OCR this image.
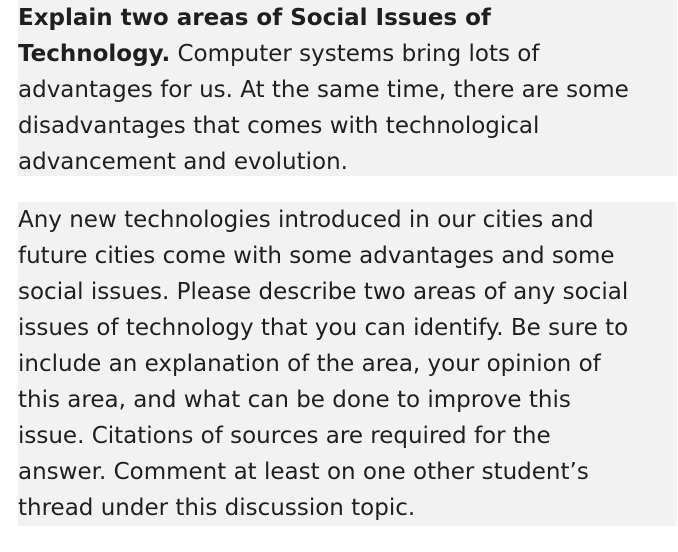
Explain two areas of Social Issues of
Technology. Computer systems bring lots of
advantages for us. At the same time, there are some
disadvantages that comes with technological
advancement and evolution.

Any new technologies introduced in our cities and
future cities come with some advantages and some
social issues. Please describe two areas of any social
issues of technology that you can identify. Be sure to
include an explanation of the area, your opinion of
this area, and what can be done to improve this
issue. Citations of sources are required for the
answer. Comment at least on one other student’s
thread under this discussion topic.
